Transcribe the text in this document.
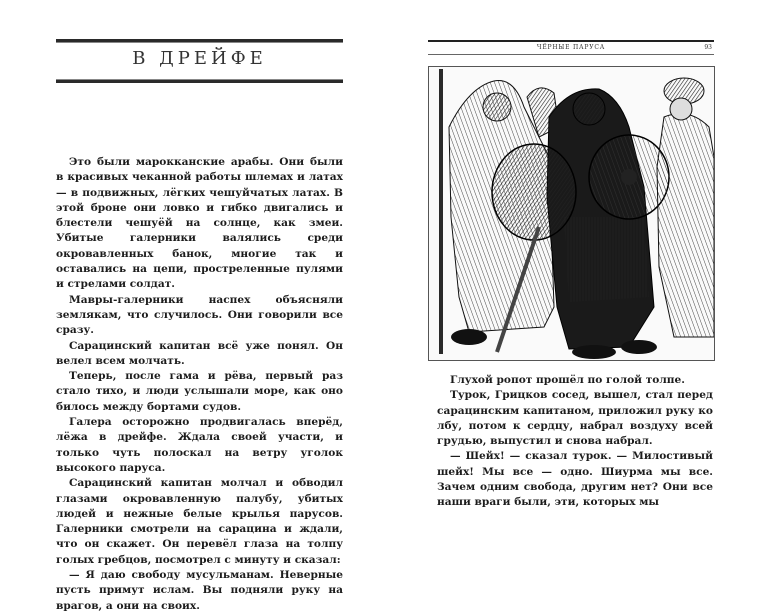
В ДРЕЙФЕ

Это были марокканские арабы. Они были в красивых чеканной работы шлемах и латах — в подвижных, лёгких чешуйчатых латах. В этой броне они ловко и гибко двигались и блестели чешуёй на солнце, как змеи. Убитые галерники валялись среди окровавленных банок, многие так и оставались на цепи, простреленные пулями и стрелами солдат.

Мавры-галерники наспех объясняли землякам, что случилось. Они говорили все сразу.

Сарацинский капитан всё уже понял. Он велел всем молчать.

Теперь, после гама и рёва, первый раз стало тихо, и люди услышали море, как оно билось между бортами судов.

Галера осторожно продвигалась вперёд, лёжа в дрейфе. Ждала своей участи, и только чуть полоскал на ветру уголок высокого паруса.

Сарацинский капитан молчал и обводил глазами окровавленную палубу, убитых людей и нежные белые крылья парусов. Галерники смотрели на сарацина и ждали, что он скажет. Он перевёл глаза на толпу голых гребцов, посмотрел с минуту и сказал:

— Я даю свободу мусульманам. Неверные пусть примут ислам. Вы подняли руку на врагов, а они на своих.

ЧЁРНЫЕ ПАРУСА	93

Глухой ропот прошёл по голой толпе.

Турок, Грицков сосед, вышел, стал перед сарацинским капитаном, приложил руку ко лбу, потом к сердцу, набрал воздуху всей грудью, выпустил и снова набрал.

— Шейх! — сказал турок. — Милостивый шейх! Мы все — одно. Шиурма мы все. Зачем одним свобода, другим нет? Они все наши враги были, эти, которых мы
